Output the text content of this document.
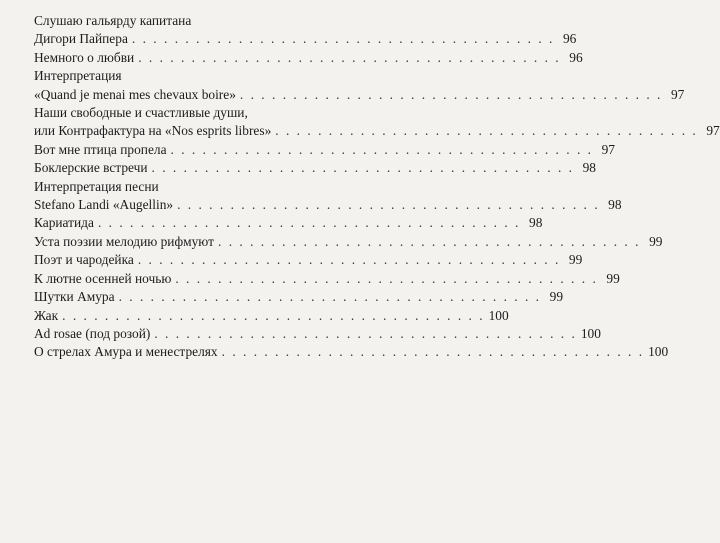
Слушаю гальярду капитана
Дигори Пайпера . . . . . . . . . . . . . . . . . . . . . . . . . . . . . . . . . . . . . . . . 96
Немного о любви . . . . . . . . . . . . . . . . . . . . . . . . . . . . . . . . . . . . . . . . 96
Интерпретация
«Quand je menai mes chevaux boire» . . . . . . . . . . . . . . . . . . . . . . . . . . . . . . . . . . . . . . . . 97
Наши свободные и счастливые души,
или Контрафактура на «Nos esprits libres» . . . . . . . . . . . . . . . . . . . . . . . . . . . . . . . . . . . . . . . . 97
Вот мне птица пропела . . . . . . . . . . . . . . . . . . . . . . . . . . . . . . . . . . . . . . . . 97
Боклерские встречи . . . . . . . . . . . . . . . . . . . . . . . . . . . . . . . . . . . . . . . . 98
Интерпретация песни
Stefano Landi «Augellin» . . . . . . . . . . . . . . . . . . . . . . . . . . . . . . . . . . . . . . . . 98
Кариатида . . . . . . . . . . . . . . . . . . . . . . . . . . . . . . . . . . . . . . . . 98
Уста поэзии мелодию рифмуют . . . . . . . . . . . . . . . . . . . . . . . . . . . . . . . . . . . . . . . . 99
Поэт и чародейка . . . . . . . . . . . . . . . . . . . . . . . . . . . . . . . . . . . . . . . . 99
К лютне осенней ночью . . . . . . . . . . . . . . . . . . . . . . . . . . . . . . . . . . . . . . . . 99
Шутки Амура . . . . . . . . . . . . . . . . . . . . . . . . . . . . . . . . . . . . . . . . 99
Жак . . . . . . . . . . . . . . . . . . . . . . . . . . . . . . . . . . . . . . . . 100
Ad rosae (под розой) . . . . . . . . . . . . . . . . . . . . . . . . . . . . . . . . . . . . . . . . 100
О стрелах Амура и менестрелях . . . . . . . . . . . . . . . . . . . . . . . . . . . . . . . . . . . . . . . . 100
